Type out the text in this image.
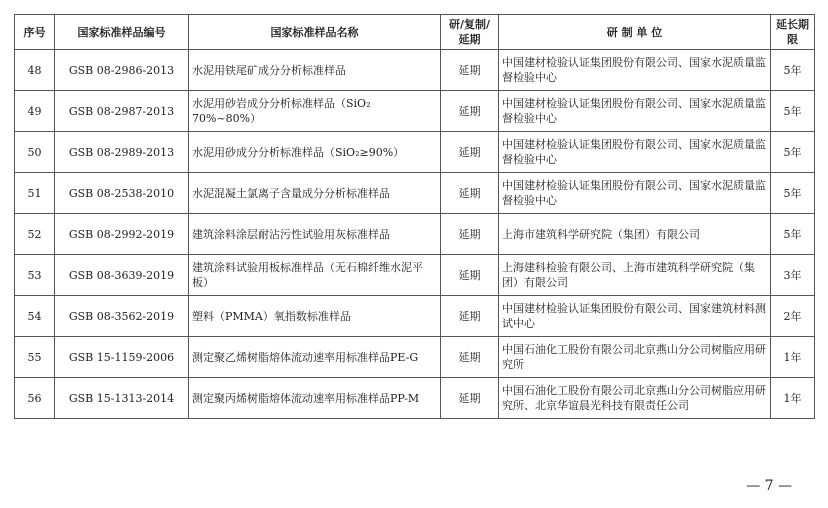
序号	国家标准样品编号	国家标准样品名称	研/复制/延期	研 制 单 位	延长期限
48	GSB 08-2986-2013	水泥用铁尾矿成分分析标准样品	延期	中国建材检验认证集团股份有限公司、国家水泥质量监督检验中心	5年
49	GSB 08-2987-2013	水泥用砂岩成分分析标准样品（SiO₂ 70%~80%）	延期	中国建材检验认证集团股份有限公司、国家水泥质量监督检验中心	5年
50	GSB 08-2989-2013	水泥用砂成分分析标准样品（SiO₂≥90%）	延期	中国建材检验认证集团股份有限公司、国家水泥质量监督检验中心	5年
51	GSB 08-2538-2010	水泥混凝土氯离子含量成分分析标准样品	延期	中国建材检验认证集团股份有限公司、国家水泥质量监督检验中心	5年
52	GSB 08-2992-2019	建筑涂料涂层耐沾污性试验用灰标准样品	延期	上海市建筑科学研究院（集团）有限公司	5年
53	GSB 08-3639-2019	建筑涂料试验用板标准样品（无石棉纤维水泥平板）	延期	上海建科检验有限公司、上海市建筑科学研究院（集团）有限公司	3年
54	GSB 08-3562-2019	塑料（PMMA）氧指数标准样品	延期	中国建材检验认证集团股份有限公司、国家建筑材料测试中心	2年
55	GSB 15-1159-2006	测定聚乙烯树脂熔体流动速率用标准样品PE-G	延期	中国石油化工股份有限公司北京燕山分公司树脂应用研究所	1年
56	GSB 15-1313-2014	测定聚丙烯树脂熔体流动速率用标准样品PP-M	延期	中国石油化工股份有限公司北京燕山分公司树脂应用研究所、北京华谊晨光科技有限责任公司	1年
— 7 —
